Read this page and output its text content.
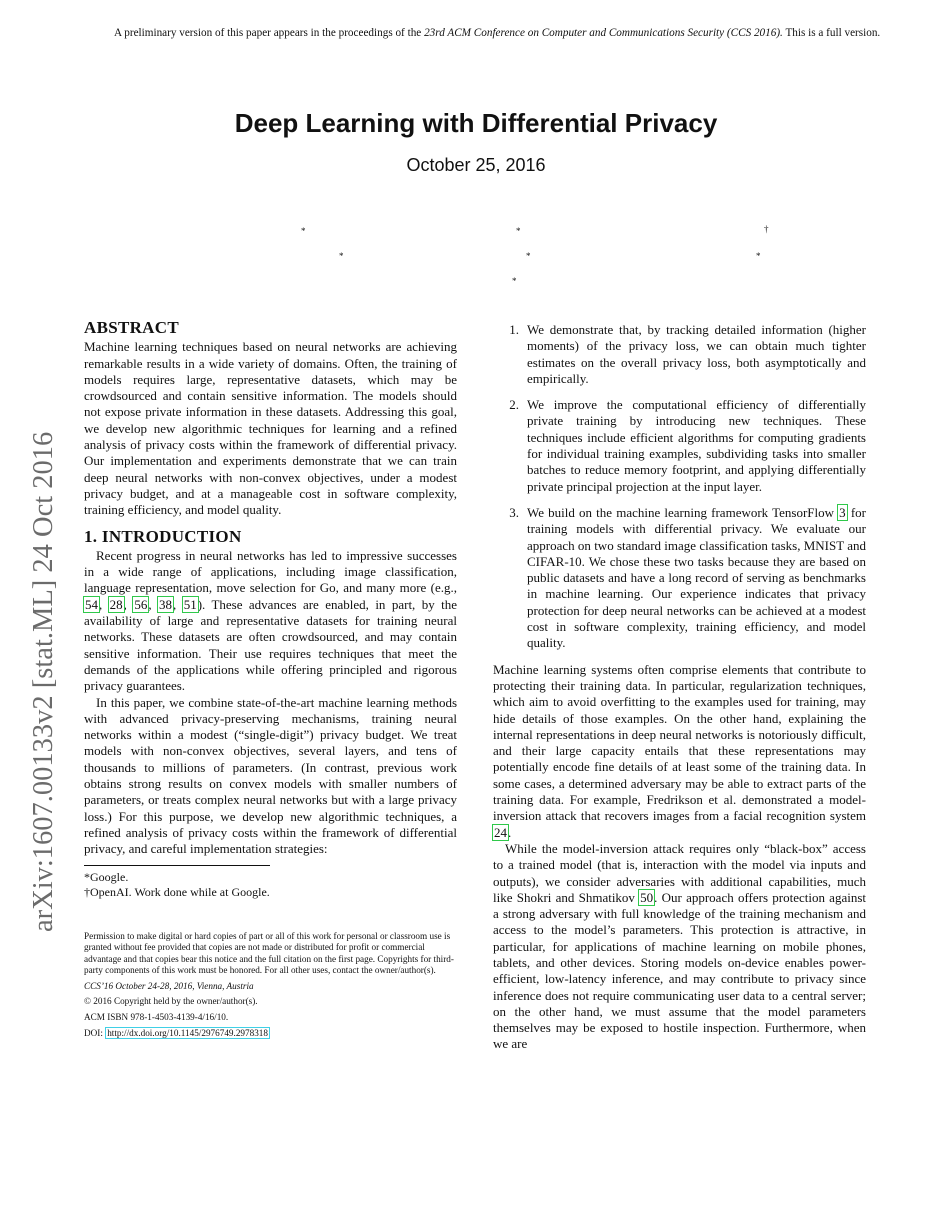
A preliminary version of this paper appears in the proceedings of the 23rd ACM Conference on Computer and Communications Security (CCS 2016). This is a full version.
Deep Learning with Differential Privacy
October 25, 2016
*	*	†
*	*	*
*
arXiv:1607.00133v2 [stat.ML] 24 Oct 2016
ABSTRACT

Machine learning techniques based on neural networks are achieving remarkable results in a wide variety of domains. Often, the training of models requires large, representative datasets, which may be crowdsourced and contain sensitive information. The models should not expose private information in these datasets. Addressing this goal, we develop new algorithmic techniques for learning and a refined analysis of privacy costs within the framework of differential privacy. Our implementation and experiments demonstrate that we can train deep neural networks with non-convex objectives, under a modest privacy budget, and at a manageable cost in software complexity, training efficiency, and model quality.

1. INTRODUCTION

Recent progress in neural networks has led to impressive successes in a wide range of applications, including image classification, language representation, move selection for Go, and many more (e.g., 54, 28, 56, 38, 51). These advances are enabled, in part, by the availability of large and representative datasets for training neural networks. These datasets are often crowdsourced, and may contain sensitive information. Their use requires techniques that meet the demands of the applications while offering principled and rigorous privacy guarantees.

In this paper, we combine state-of-the-art machine learning methods with advanced privacy-preserving mechanisms, training neural networks within a modest (“single-digit”) privacy budget. We treat models with non-convex objectives, several layers, and tens of thousands to millions of parameters. (In contrast, previous work obtains strong results on convex models with smaller numbers of parameters, or treats complex neural networks but with a large privacy loss.) For this purpose, we develop new algorithmic techniques, a refined analysis of privacy costs within the framework of differential privacy, and careful implementation strategies:

*Google.
†OpenAI. Work done while at Google.

Permission to make digital or hard copies of part or all of this work for personal or classroom use is granted without fee provided that copies are not made or distributed for profit or commercial advantage and that copies bear this notice and the full citation on the first page. Copyrights for third-party components of this work must be honored. For all other uses, contact the owner/author(s).

CCS’16 October 24-28, 2016, Vienna, Austria

© 2016 Copyright held by the owner/author(s).

ACM ISBN 978-1-4503-4139-4/16/10.

DOI: http://dx.doi.org/10.1145/2976749.2978318

1. We demonstrate that, by tracking detailed information (higher moments) of the privacy loss, we can obtain much tighter estimates on the overall privacy loss, both asymptotically and empirically.
2. We improve the computational efficiency of differentially private training by introducing new techniques. These techniques include efficient algorithms for computing gradients for individual training examples, subdividing tasks into smaller batches to reduce memory footprint, and applying differentially private principal projection at the input layer.
3. We build on the machine learning framework TensorFlow 3 for training models with differential privacy. We evaluate our approach on two standard image classification tasks, MNIST and CIFAR-10. We chose these two tasks because they are based on public datasets and have a long record of serving as benchmarks in machine learning. Our experience indicates that privacy protection for deep neural networks can be achieved at a modest cost in software complexity, training efficiency, and model quality.

Machine learning systems often comprise elements that contribute to protecting their training data. In particular, regularization techniques, which aim to avoid overfitting to the examples used for training, may hide details of those examples. On the other hand, explaining the internal representations in deep neural networks is notoriously difficult, and their large capacity entails that these representations may potentially encode fine details of at least some of the training data. In some cases, a determined adversary may be able to extract parts of the training data. For example, Fredrikson et al. demonstrated a model-inversion attack that recovers images from a facial recognition system 24.

While the model-inversion attack requires only “black-box” access to a trained model (that is, interaction with the model via inputs and outputs), we consider adversaries with additional capabilities, much like Shokri and Shmatikov 50. Our approach offers protection against a strong adversary with full knowledge of the training mechanism and access to the model’s parameters. This protection is attractive, in particular, for applications of machine learning on mobile phones, tablets, and other devices. Storing models on-device enables power-efficient, low-latency inference, and may contribute to privacy since inference does not require communicating user data to a central server; on the other hand, we must assume that the model parameters themselves may be exposed to hostile inspection. Furthermore, when we are
